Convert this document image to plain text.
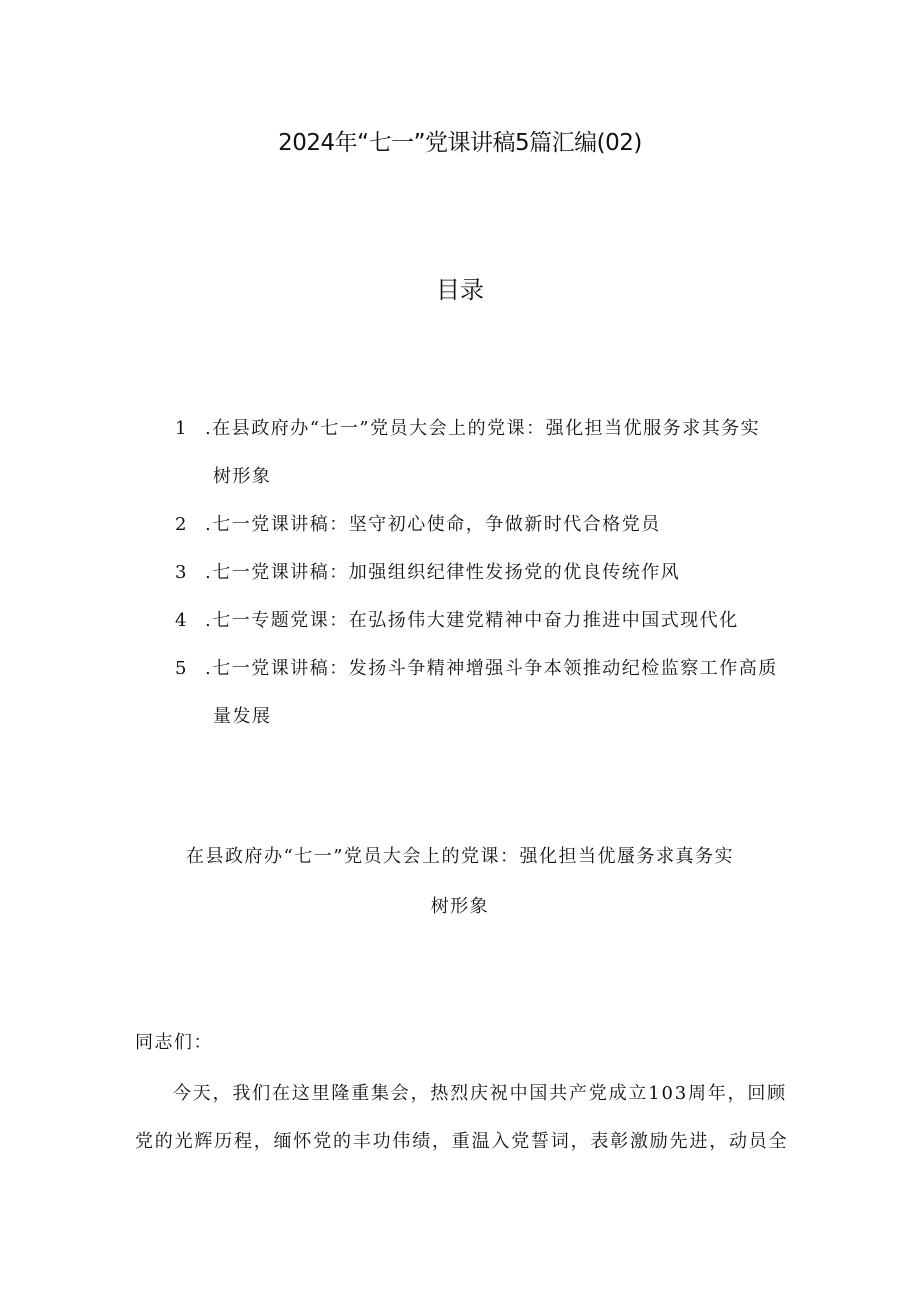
2024年“七一”党课讲稿5篇汇编(02)
目录
1 .在县政府办“七一”党员大会上的党课：强化担当优服务求其务实
树形象
2 .七一党课讲稿：坚守初心使命，争做新时代合格党员
3 .七一党课讲稿：加强组织纪律性发扬党的优良传统作风
4 .七一专题党课：在弘扬伟大建党精神中奋力推进中国式现代化
5 .七一党课讲稿：发扬斗争精神增强斗争本领推动纪检监察工作高质
量发展
在县政府办“七一”党员大会上的党课：强化担当优蜃务求真务实
树形象
同志们：
今天，我们在这里隆重集会，热烈庆祝中国共产党成立103周年，回顾党的光辉历程，缅怀党的丰功伟绩，重温入党誓词，表彰激励先进，动员全
